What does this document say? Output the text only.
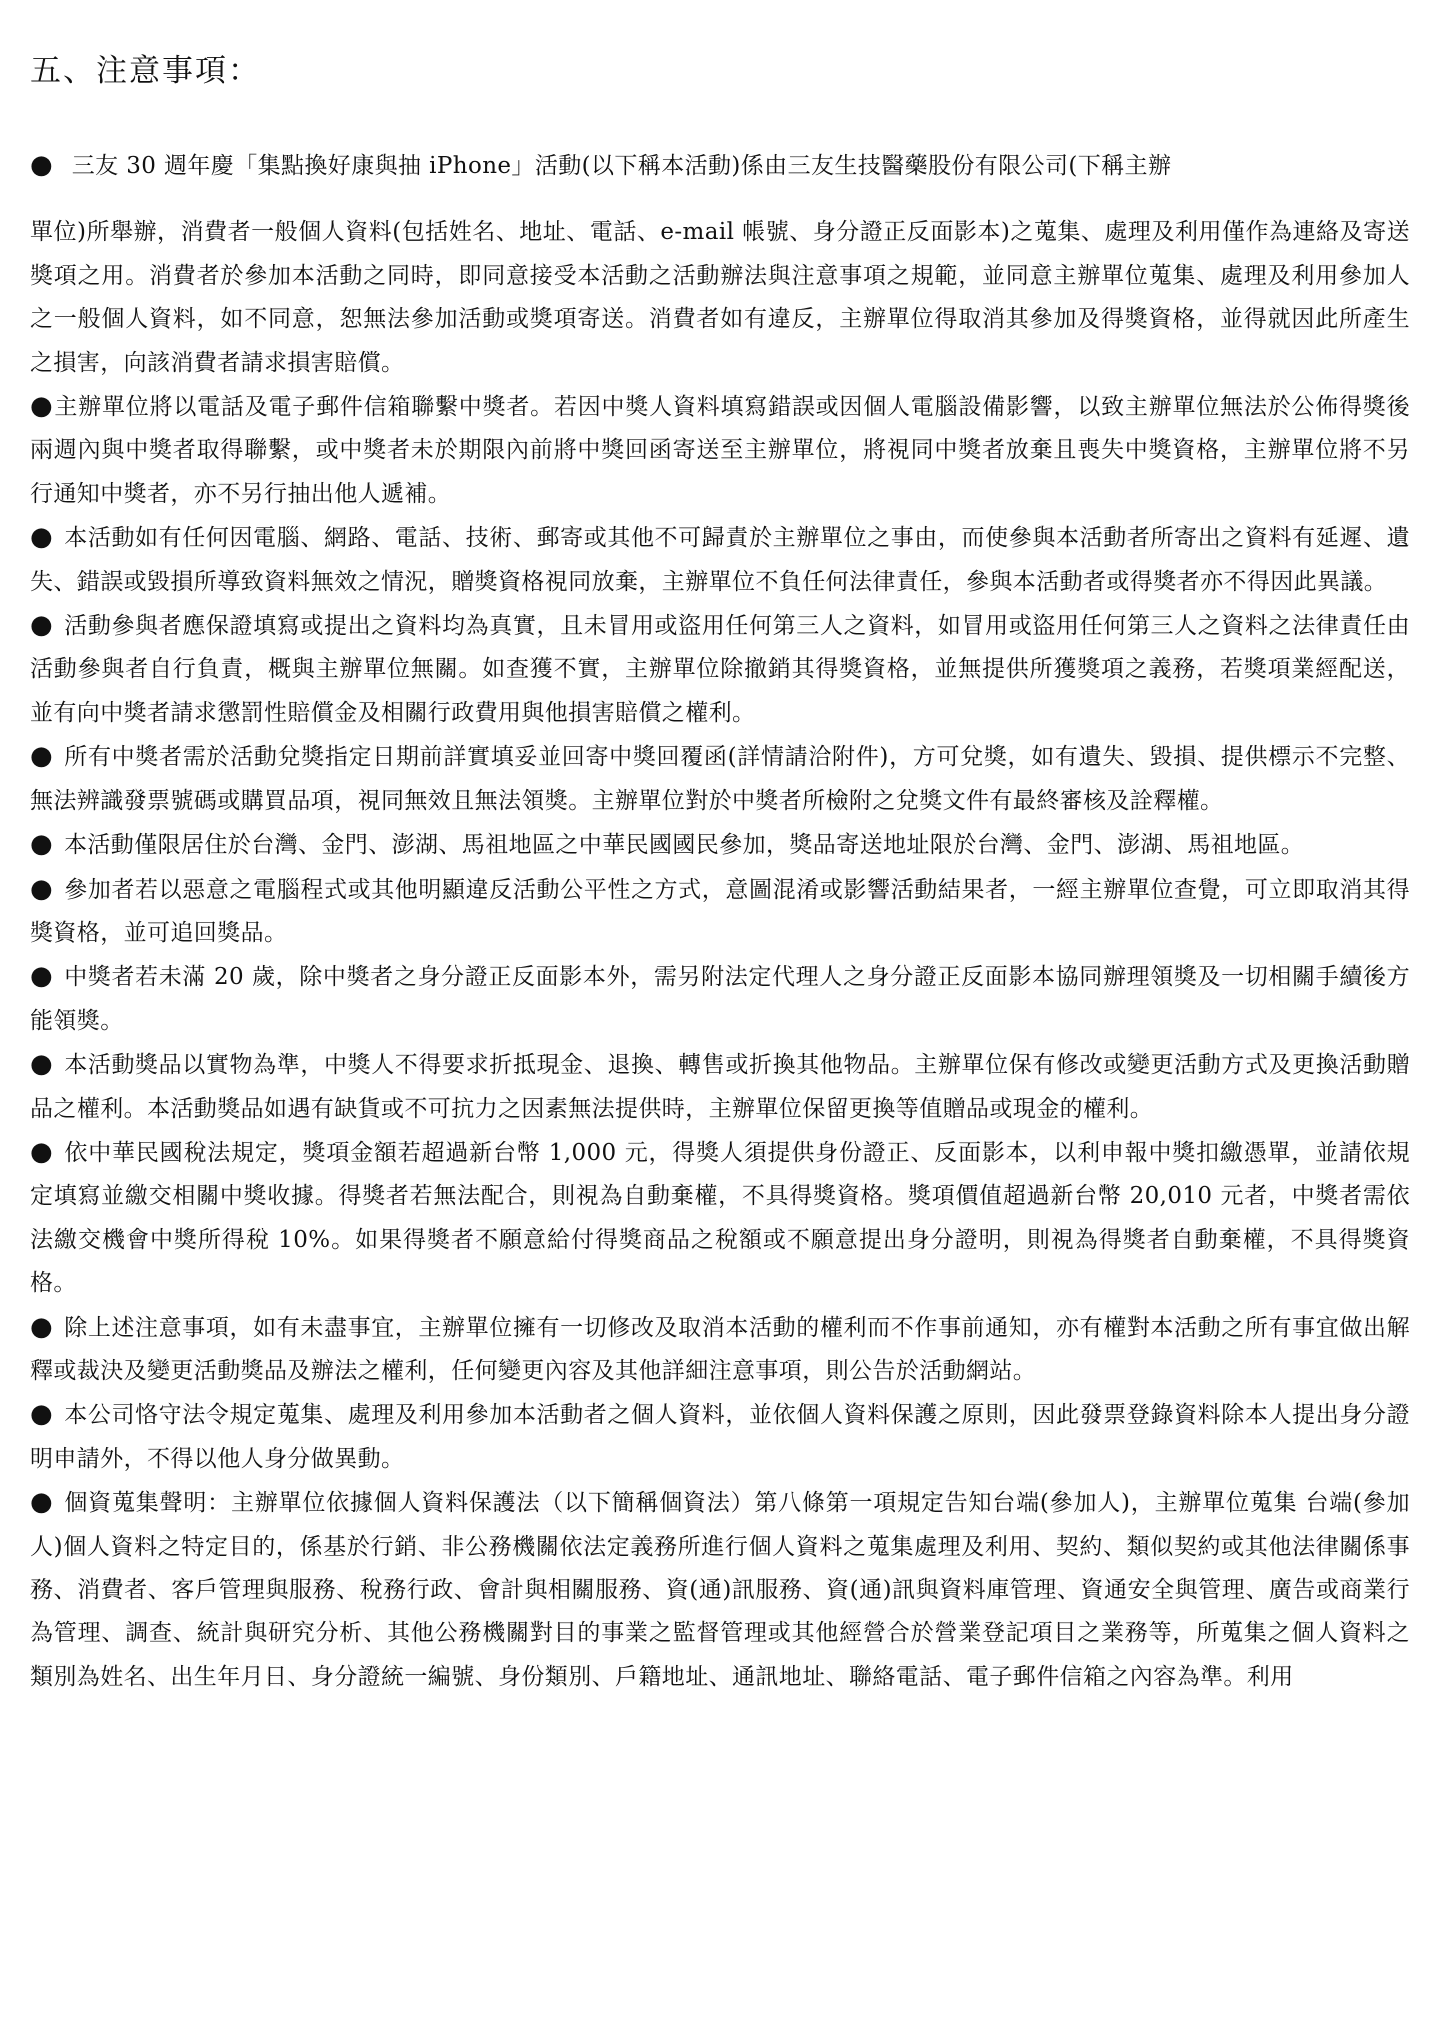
五、注意事項：

● 三友 30 週年慶「集點換好康與抽 iPhone」活動(以下稱本活動)係由三友生技醫藥股份有限公司(下稱主辦
單位)所舉辦，消費者一般個人資料(包括姓名、地址、電話、e-mail 帳號、身分證正反面影本)之蒐集、處理及利用僅作為連絡及寄送獎項之用。消費者於參加本活動之同時，即同意接受本活動之活動辦法與注意事項之規範，並同意主辦單位蒐集、處理及利用參加人之一般個人資料，如不同意，恕無法參加活動或獎項寄送。消費者如有違反，主辦單位得取消其參加及得獎資格，並得就因此所產生之損害，向該消費者請求損害賠償。

●主辦單位將以電話及電子郵件信箱聯繫中獎者。若因中獎人資料填寫錯誤或因個人電腦設備影響，以致主辦單位無法於公佈得獎後兩週內與中獎者取得聯繫，或中獎者未於期限內前將中獎回函寄送至主辦單位，將視同中獎者放棄且喪失中獎資格，主辦單位將不另行通知中獎者，亦不另行抽出他人遞補。

● 本活動如有任何因電腦、網路、電話、技術、郵寄或其他不可歸責於主辦單位之事由，而使參與本活動者所寄出之資料有延遲、遺失、錯誤或毀損所導致資料無效之情況，贈獎資格視同放棄，主辦單位不負任何法律責任，參與本活動者或得獎者亦不得因此異議。

● 活動參與者應保證填寫或提出之資料均為真實，且未冒用或盜用任何第三人之資料，如冒用或盜用任何第三人之資料之法律責任由活動參與者自行負責，概與主辦單位無關。如查獲不實，主辦單位除撤銷其得獎資格，並無提供所獲獎項之義務，若獎項業經配送，並有向中獎者請求懲罰性賠償金及相關行政費用與他損害賠償之權利。

● 所有中獎者需於活動兌獎指定日期前詳實填妥並回寄中獎回覆函(詳情請洽附件)，方可兌獎，如有遺失、毀損、提供標示不完整、無法辨識發票號碼或購買品項，視同無效且無法領獎。主辦單位對於中獎者所檢附之兌獎文件有最終審核及詮釋權。

● 本活動僅限居住於台灣、金門、澎湖、馬祖地區之中華民國國民參加，獎品寄送地址限於台灣、金門、澎湖、馬祖地區。

● 參加者若以惡意之電腦程式或其他明顯違反活動公平性之方式，意圖混淆或影響活動結果者，一經主辦單位查覺，可立即取消其得獎資格，並可追回獎品。

● 中獎者若未滿 20 歲，除中獎者之身分證正反面影本外，需另附法定代理人之身分證正反面影本協同辦理領獎及一切相關手續後方能領獎。

● 本活動獎品以實物為準，中獎人不得要求折抵現金、退換、轉售或折換其他物品。主辦單位保有修改或變更活動方式及更換活動贈品之權利。本活動獎品如遇有缺貨或不可抗力之因素無法提供時，主辦單位保留更換等值贈品或現金的權利。

● 依中華民國稅法規定，獎項金額若超過新台幣 1,000 元，得獎人須提供身份證正、反面影本，以利申報中獎扣繳憑單，並請依規定填寫並繳交相關中獎收據。得獎者若無法配合，則視為自動棄權，不具得獎資格。獎項價值超過新台幣 20,010 元者，中獎者需依法繳交機會中獎所得稅 10%。如果得獎者不願意給付得獎商品之稅額或不願意提出身分證明，則視為得獎者自動棄權，不具得獎資格。

● 除上述注意事項，如有未盡事宜，主辦單位擁有一切修改及取消本活動的權利而不作事前通知，亦有權對本活動之所有事宜做出解釋或裁決及變更活動獎品及辦法之權利，任何變更內容及其他詳細注意事項，則公告於活動網站。

● 本公司恪守法令規定蒐集、處理及利用參加本活動者之個人資料，並依個人資料保護之原則，因此發票登錄資料除本人提出身分證明申請外，不得以他人身分做異動。

● 個資蒐集聲明：主辦單位依據個人資料保護法（以下簡稱個資法）第八條第一項規定告知台端(參加人)，主辦單位蒐集 台端(參加人)個人資料之特定目的，係基於行銷、非公務機關依法定義務所進行個人資料之蒐集處理及利用、契約、類似契約或其他法律關係事務、消費者、客戶管理與服務、稅務行政、會計與相關服務、資(通)訊服務、資(通)訊與資料庫管理、資通安全與管理、廣告或商業行為管理、調查、統計與研究分析、其他公務機關對目的事業之監督管理或其他經營合於營業登記項目之業務等，所蒐集之個人資料之類別為姓名、出生年月日、身分證統一編號、身份類別、戶籍地址、通訊地址、聯絡電話、電子郵件信箱之內容為準。利用
